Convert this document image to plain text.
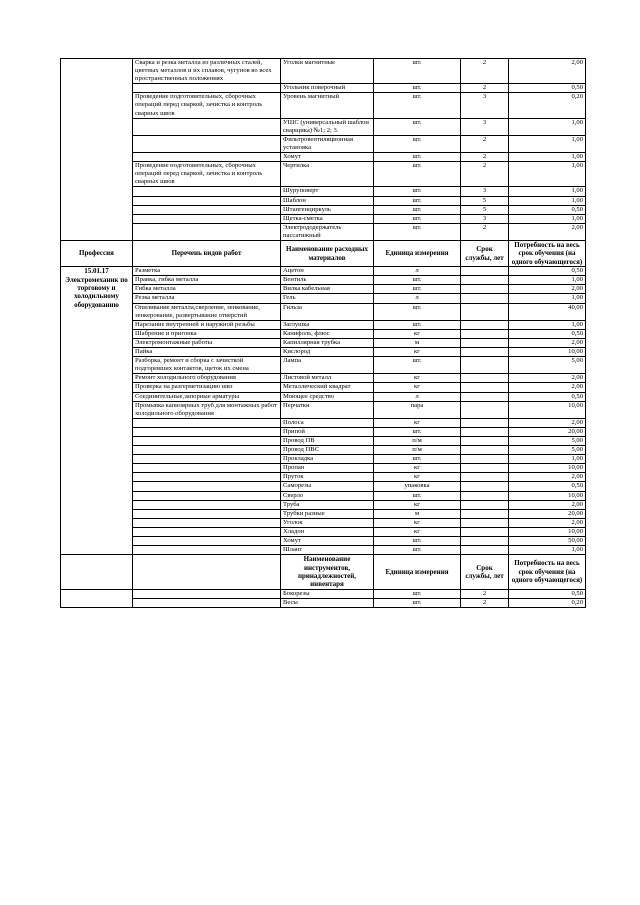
	Сварка и резка металла из различных сталей, цветных металлов и их сплавов, чугунов во всех пространственных положениях	Уголки магнитные	шт.	2	2,00
		Угольник поверочный	шт.	2	0,50
	Проведение подготовительных, сборочных операций перед сваркой, зачистка и контроль сварных швов	Уровень магнитный	шт.	3	0,20
		УШС (универсальный шаблон сварщика) №1; 2; 3.	шт.	3	1,00
		Фильтровентиляционная установка	шт.	2	1,00
		Хомут	шт.	2	1,00
	Проведение подготовительных, сборочных операций перед сваркой, зачистка и контроль сварных швов	Чертилка	шт.	2	1,00
		Шуруповерт	шт.	3	1,00
		Шаблон	шт.	5	1,00
		Штангенциркуль	шт.	5	0,50
		Щетка-сметка	шт.	3	1,00
		Электрододержатель пассатижный	шт.	2	2,00
Профессия	Перечень видов работ	Наименование расходных материалов	Единица измерения	Срок службы, лет	Потребность на весь срок обучения (на одного обучающегося)
15.01.17 Электромеханик по торговому и холодильному оборудованию	Разметка	Ацетон	л		0,50
	Правка, гибка металла	Вентиль	шт.		1,00
	Гибка металла	Вилка кабельная	шт.		2,00
	Резка металла	Гель	л		1,00
	Опиливание металла,сверление, зенкование, зенкерование, развертывание отверстий	Гильза	шт.		40,00
	Нарезание внутренней и наружной резьбы	Заглушка	шт.		1,00
	Шабрение и пригонка	Канифоль, флюс	кг		0,50
	Электромонтажные работы	Капиллярная трубка	м		2,00
	Пайка	Кислород	кг		10,00
	Разборка, ремонт и сборка с зачисткой подгоревших контактов, щеток их смена	Лампа	шт.		5,00
	Ремонт холодильного оборудования	Листовой металл	кг		2,00
	Проверка на разгерметизацию швз	Металлический квадрат	кг		2,00
	Соединительные,запорные арматуры	Моющее средство	л		0,50
	Промывка капилярных труб для монтажных работ холодильного оборудования	Перчатки	пара		10,00
		Полоса	кг		2,00
		Припой	шт.		20,00
		Провод ПВ	п/м		5,00
		Провод ПВС	п/м		5,00
		Прокладка	шт.		1,00
		Пропан	кг		10,00
		Пруток	кг		2,00
		Саморезы	упаковка		0,50
		Сверло	шт.		10,00
		Труба	кг		2,00
		Трубки разные	м		20,00
		Уголок	кг		2,00
		Хладон	кг		10,00
		Хомут	шт.		50,00
		Шланг	шт.		1,00
		Наименование инструментов, принадлежностей, инвентаря	Единица измерения	Срок службы, лет	Потребность на весь срок обучения (на одного обучающегося)
		Бокорезы	шт.	2	0,50
		Весы	шт.	2	0,20
